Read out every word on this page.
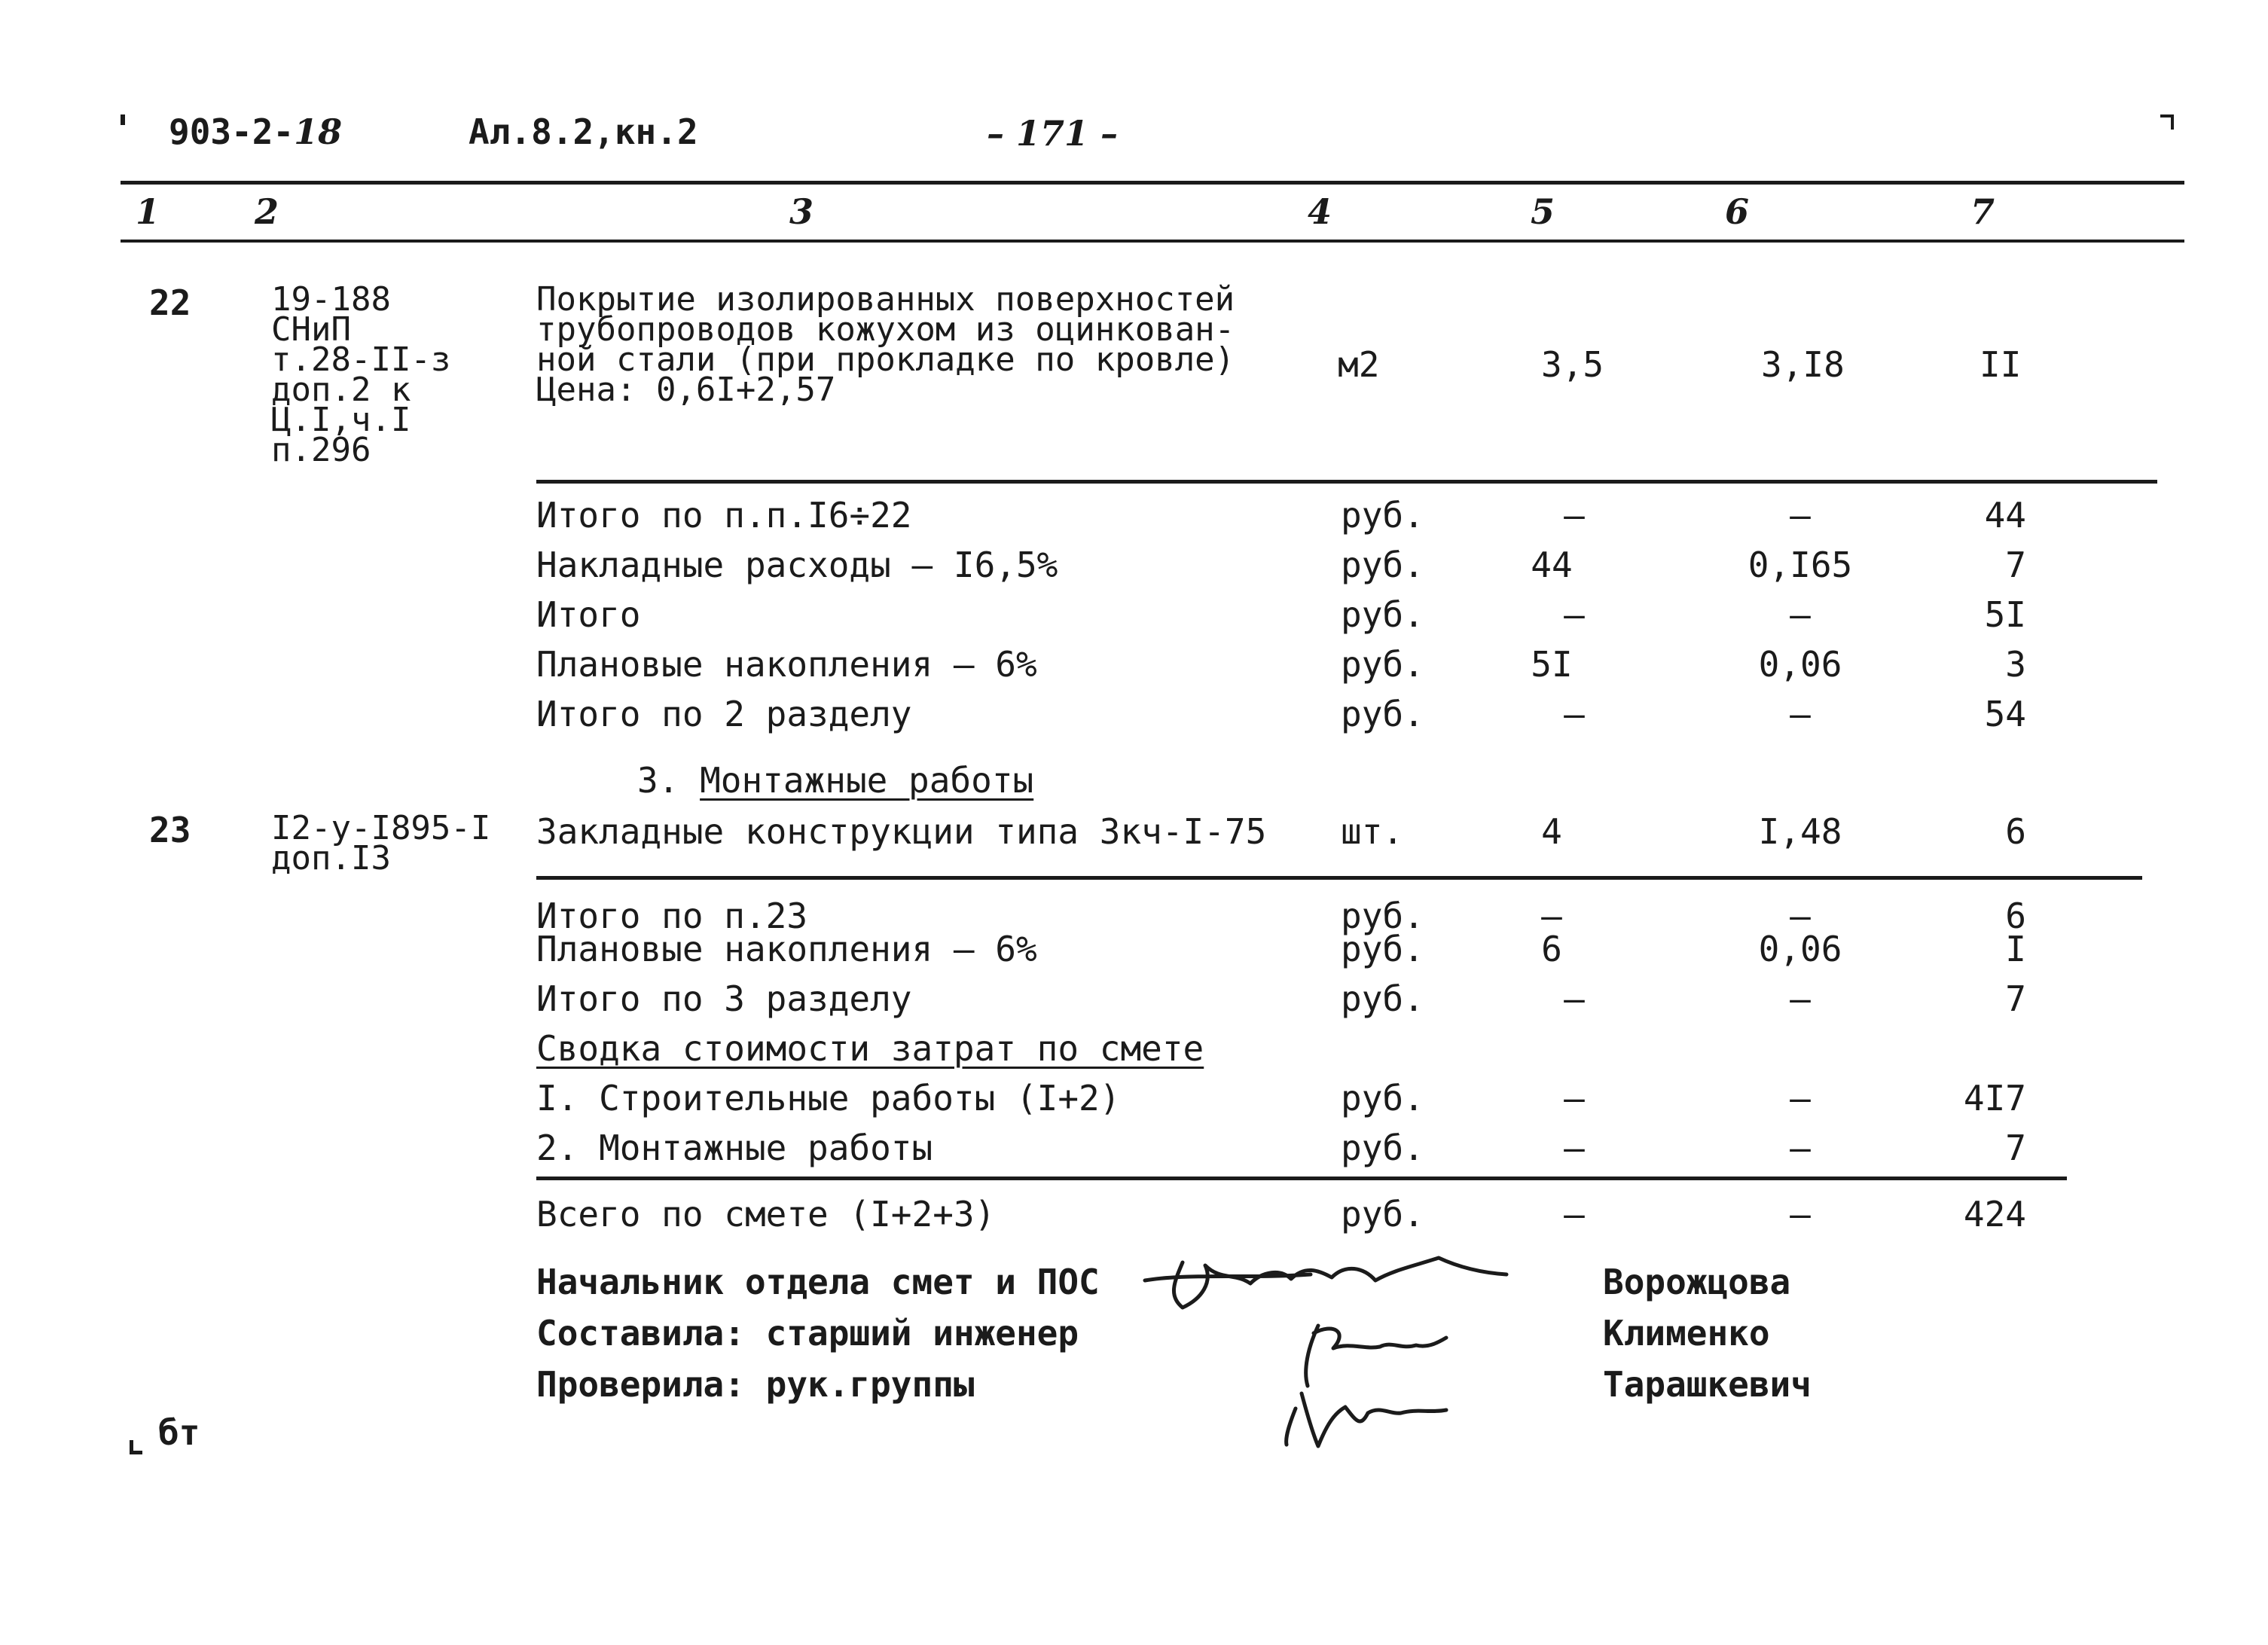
903-2-18	Ал.8.2,кн.2	– 171 –
1	2	3	4	5	6	7
22 19-188
СНиП
т.28-II-з
доп.2 к
Ц.I,ч.I
п.296
Покрытие изолированных поверхностей
трубопроводов кожухом из оцинкован-
ной стали (при прокладке по кровле)
Цена: 0,6I+2,57
м2	3,5	3,I8	II
Итого по п.п.I6÷22	руб.	–	–	44
Накладные расходы – I6,5%	руб.	44	0,I65	7
Итого	руб.	–	–	5I
Плановые накопления – 6%	руб.	5I	0,06	3
Итого по 2 разделу	руб.	–	–	54
3. Монтажные работы
23 I2-у-I895-I
доп.I3
Закладные конструкции типа Зкч-I-75 шт.	4	I,48	6
Итого по п.23	руб.	–	–	6
Плановые накопления – 6%	руб.	6	0,06	I
Итого по 3 разделу	руб.	–	–	7
Сводка стоимости затрат по смете
I. Строительные работы (I+2)	руб.	–	–	4I7
2. Монтажные работы	руб.	–	–	7
Всего по смете (I+2+3)	руб.	–	–	424
Начальник отдела смет и ПОС	Ворожцова
Составила: старший инженер	Клименко
Проверила: рук.группы	Тарашкевич
бт
